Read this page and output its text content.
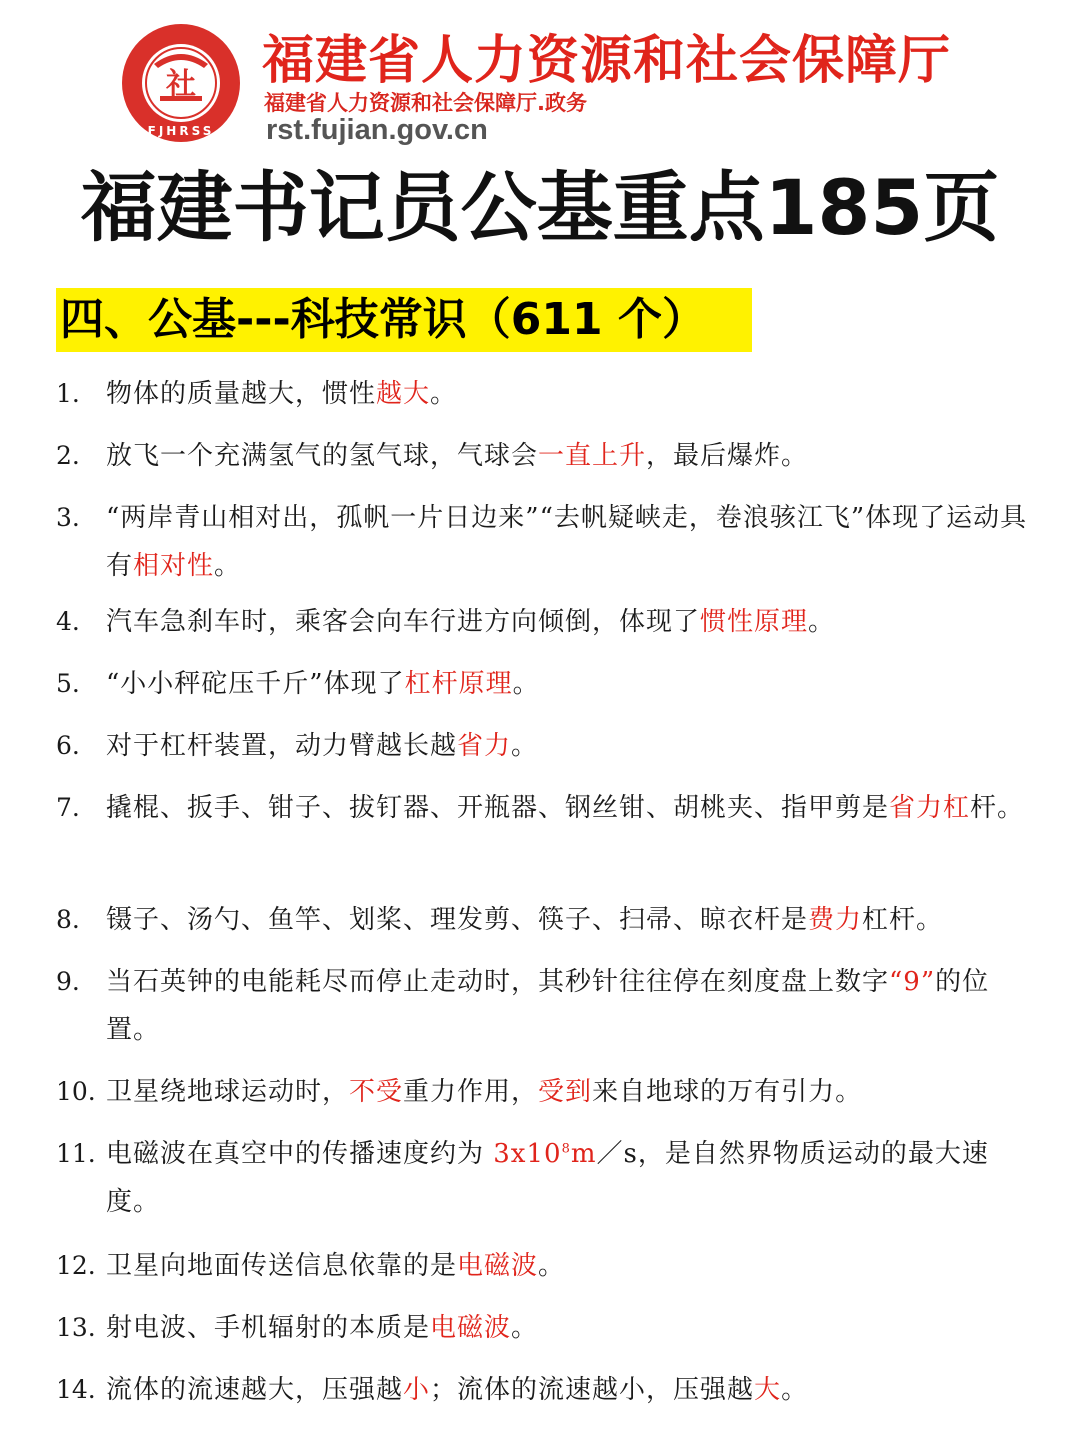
社
FJHRSS
福建省人力资源和社会保障厅
福建省人力资源和社会保障厅.政务
rst.fujian.gov.cn
福建书记员公基重点185页
四、公基---科技常识（611 个）
1. 物体的质量越大，惯性越大。
2. 放飞一个充满氢气的氢气球，气球会一直上升，最后爆炸。
3. “两岸青山相对出，孤帆一片日边来”“去帆疑峡走，卷浪骇江飞”体现了运动具有相对性。
4. 汽车急刹车时，乘客会向车行进方向倾倒，体现了惯性原理。
5. “小小秤砣压千斤”体现了杠杆原理。
6. 对于杠杆装置，动力臂越长越省力。
7. 撬棍、扳手、钳子、拔钉器、开瓶器、钢丝钳、胡桃夹、指甲剪是省力杠杆。
8. 镊子、汤勺、鱼竿、划桨、理发剪、筷子、扫帚、晾衣杆是费力杠杆。
9. 当石英钟的电能耗尽而停止走动时，其秒针往往停在刻度盘上数字“9”的位置。
10. 卫星绕地球运动时，不受重力作用，受到来自地球的万有引力。
11. 电磁波在真空中的传播速度约为 $3x10^8m/s$，是自然界物质运动的最大速度。
12. 卫星向地面传送信息依靠的是电磁波。
13. 射电波、手机辐射的本质是电磁波。
14. 流体的流速越大，压强越小；流体的流速越小，压强越大。
